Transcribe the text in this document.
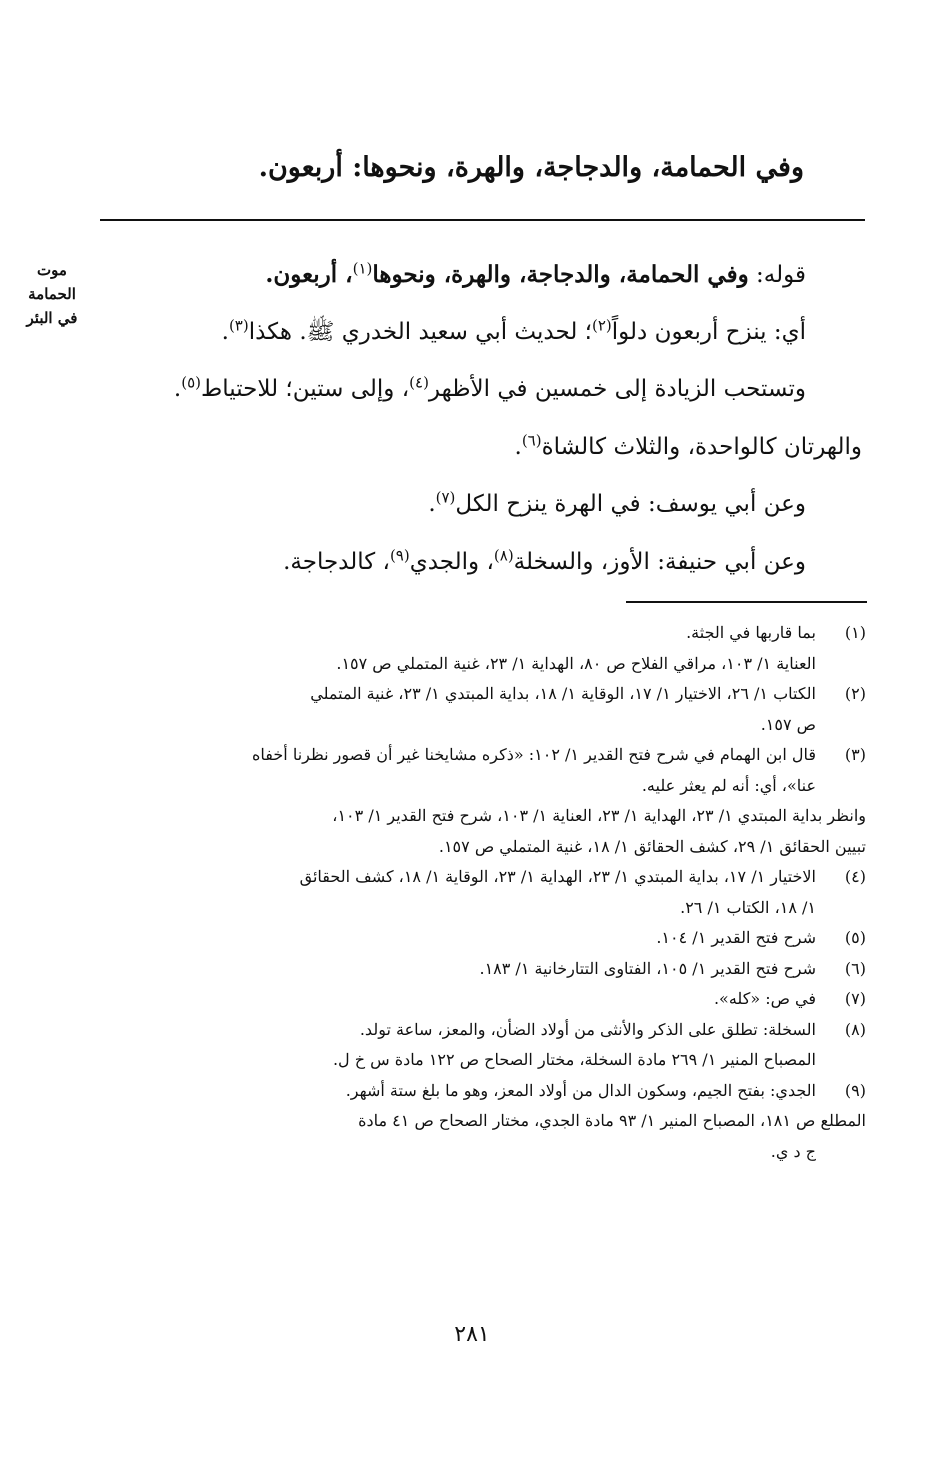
وفي الحمامة، والدجاجة، والهرة، ونحوها: أربعون.
موت
الحمامة
في البئر
قوله: وفي الحمامة، والدجاجة، والهرة، ونحوها$^{(١)}$، أربعون.
أي: ينزح أربعون دلواً$^{(٢)}$؛ لحديث أبي سعيد الخدري ﷺ. هكذا$^{(٣)}$.
وتستحب الزيادة إلى خمسين في الأظهر$^{(٤)}$، وإلى ستين؛ للاحتياط$^{(٥)}$.
والهرتان كالواحدة، والثلاث كالشاة$^{(٦)}$.
وعن أبي يوسف: في الهرة ينزح الكل$^{(٧)}$.
وعن أبي حنيفة: الأوز، والسخلة$^{(٨)}$، والجدي$^{(٩)}$، كالدجاجة.
(١)
بما قاربها في الجثة.
العناية ١/ ١٠٣، مراقي الفلاح ص ٨٠، الهداية ١/ ٢٣، غنية المتملي ص ١٥٧.
(٢)
الكتاب ١/ ٢٦، الاختيار ١/ ١٧، الوقاية ١/ ١٨، بداية المبتدي ١/ ٢٣، غنية المتملي
ص ١٥٧.
(٣)
قال ابن الهمام في شرح فتح القدير ١/ ١٠٢: «ذكره مشايخنا غير أن قصور نظرنا أخفاه
عنا»، أي: أنه لم يعثر عليه.
وانظر بداية المبتدي ١/ ٢٣، الهداية ١/ ٢٣، العناية ١/ ١٠٣، شرح فتح القدير ١/ ١٠٣،
تبيين الحقائق ١/ ٢٩، كشف الحقائق ١/ ١٨، غنية المتملي ص ١٥٧.
(٤)
الاختيار ١/ ١٧، بداية المبتدي ١/ ٢٣، الهداية ١/ ٢٣، الوقاية ١/ ١٨، كشف الحقائق
١/ ١٨، الكتاب ١/ ٢٦.
(٥)
شرح فتح القدير ١/ ١٠٤.
(٦)
شرح فتح القدير ١/ ١٠٥، الفتاوى التتارخانية ١/ ١٨٣.
(٧)
في ص: «كله».
(٨)
السخلة: تطلق على الذكر والأنثى من أولاد الضأن، والمعز، ساعة تولد.
المصباح المنير ١/ ٢٦٩ مادة السخلة، مختار الصحاح ص ١٢٢ مادة س خ ل.
(٩)
الجدي: بفتح الجيم، وسكون الدال من أولاد المعز، وهو ما بلغ ستة أشهر.
المطلع ص ١٨١، المصباح المنير ١/ ٩٣ مادة الجدي، مختار الصحاح ص ٤١ مادة
ج د ي.
٢٨١
